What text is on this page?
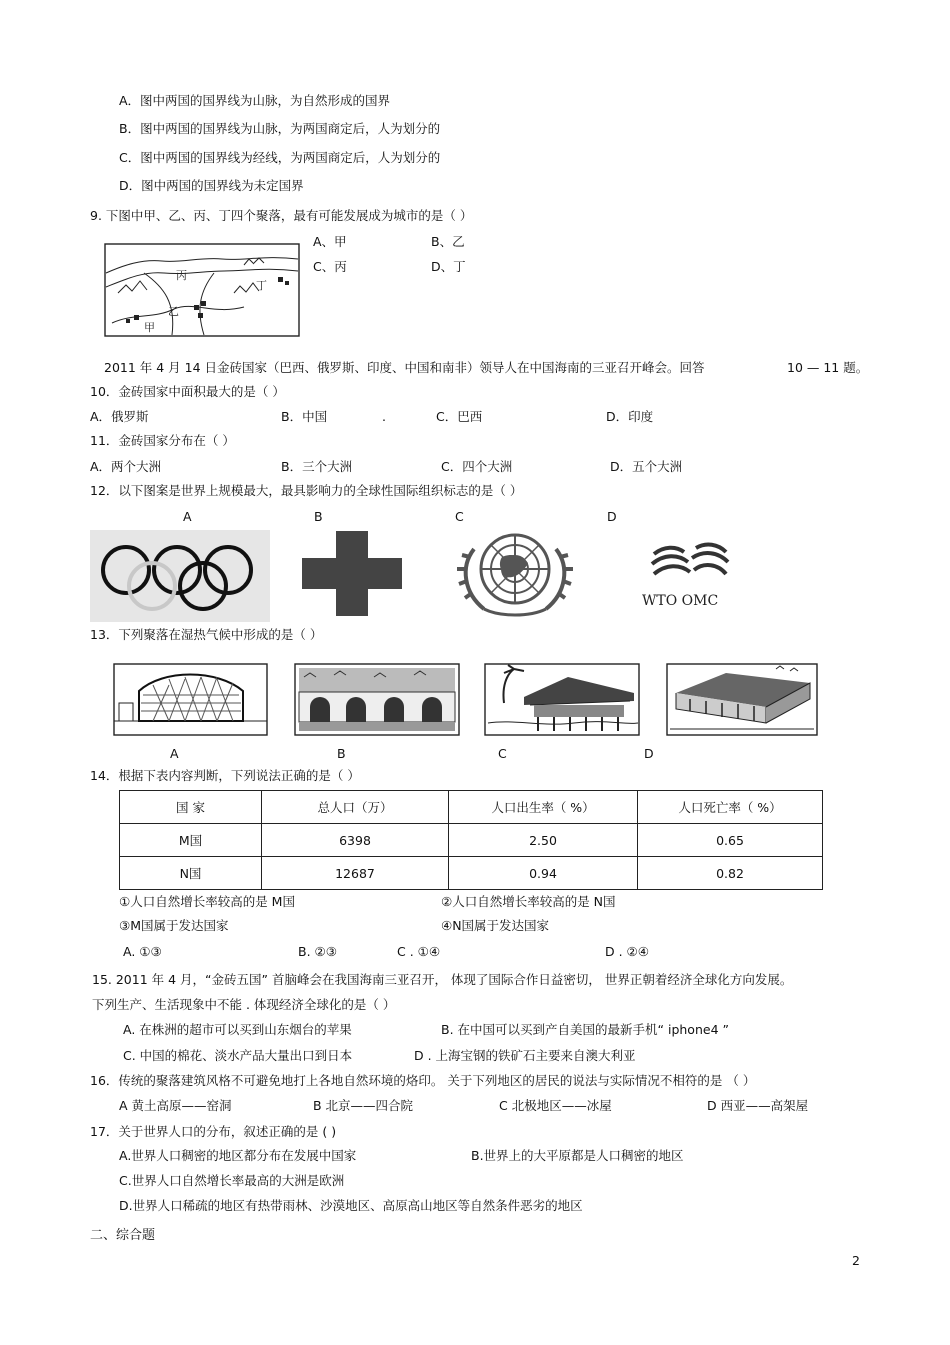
A．图中两国的国界线为山脉，为自然形成的国界
B．图中两国的国界线为山脉，为两国商定后，人为划分的
C．图中两国的国界线为经线，为两国商定后，人为划分的
D．图中两国的国界线为未定国界
9. 下图中甲、乙、丙、丁四个聚落，最有可能发展成为城市的是（ ）
A、甲	B、乙
C、丙	D、丁
丙
丁
乙
甲
2011 年 4 月 14 日金砖国家（巴西、俄罗斯、印度、中国和南非）领导人在中国海南的三亚召开峰会。回答	10 — 11 题。
10．金砖国家中面积最大的是（ ）
A．俄罗斯	B．中国	.	C．巴西	D．印度
11．金砖国家分布在（ ）
A．两个大洲	B．三个大洲	C．四个大洲	D．五个大洲
12．以下图案是世界上规模最大，最具影响力的全球性国际组织标志的是（ ）
A	B	C	D
WTO OMC
13．下列聚落在湿热气候中形成的是（ ）
A	B	C	D
14．根据下表内容判断，下列说法正确的是（ ）
国 家	总人口（万）	人口出生率（ %）	人口死亡率（ %）
M国	6398	2.50	0.65
N国	12687	0.94	0.82
①人口自然增长率较高的是 M国	②人口自然增长率较高的是 N国
③M国属于发达国家	④N国属于发达国家
A. ①③	B. ②③	C . ①④	D . ②④
15. 2011 年 4 月，“金砖五国” 首脑峰会在我国海南三亚召开， 体现了国际合作日益密切， 世界正朝着经济全球化方向发展。
下列生产、生活现象中不能 . 体现经济全球化的是（ ）
A. 在株洲的超市可以买到山东烟台的苹果	B. 在中国可以买到产自美国的最新手机“ iphone4 ”
C. 中国的棉花、淡水产品大量出口到日本	D . 上海宝钢的铁矿石主要来自澳大利亚
16．传统的聚落建筑风格不可避免地打上各地自然环境的烙印。 关于下列地区的居民的说法与实际情况不相符的是 （ ）
A 黄土高原——窑洞	B 北京——四合院	C 北极地区——冰屋	D 西亚——高架屋
17．关于世界人口的分布，叙述正确的是 ( )
A.世界人口稠密的地区都分布在发展中国家	B.世界上的大平原都是人口稠密的地区
C.世界人口自然增长率最高的大洲是欧洲
D.世界人口稀疏的地区有热带雨林、沙漠地区、高原高山地区等自然条件恶劣的地区
二、综合题
2
